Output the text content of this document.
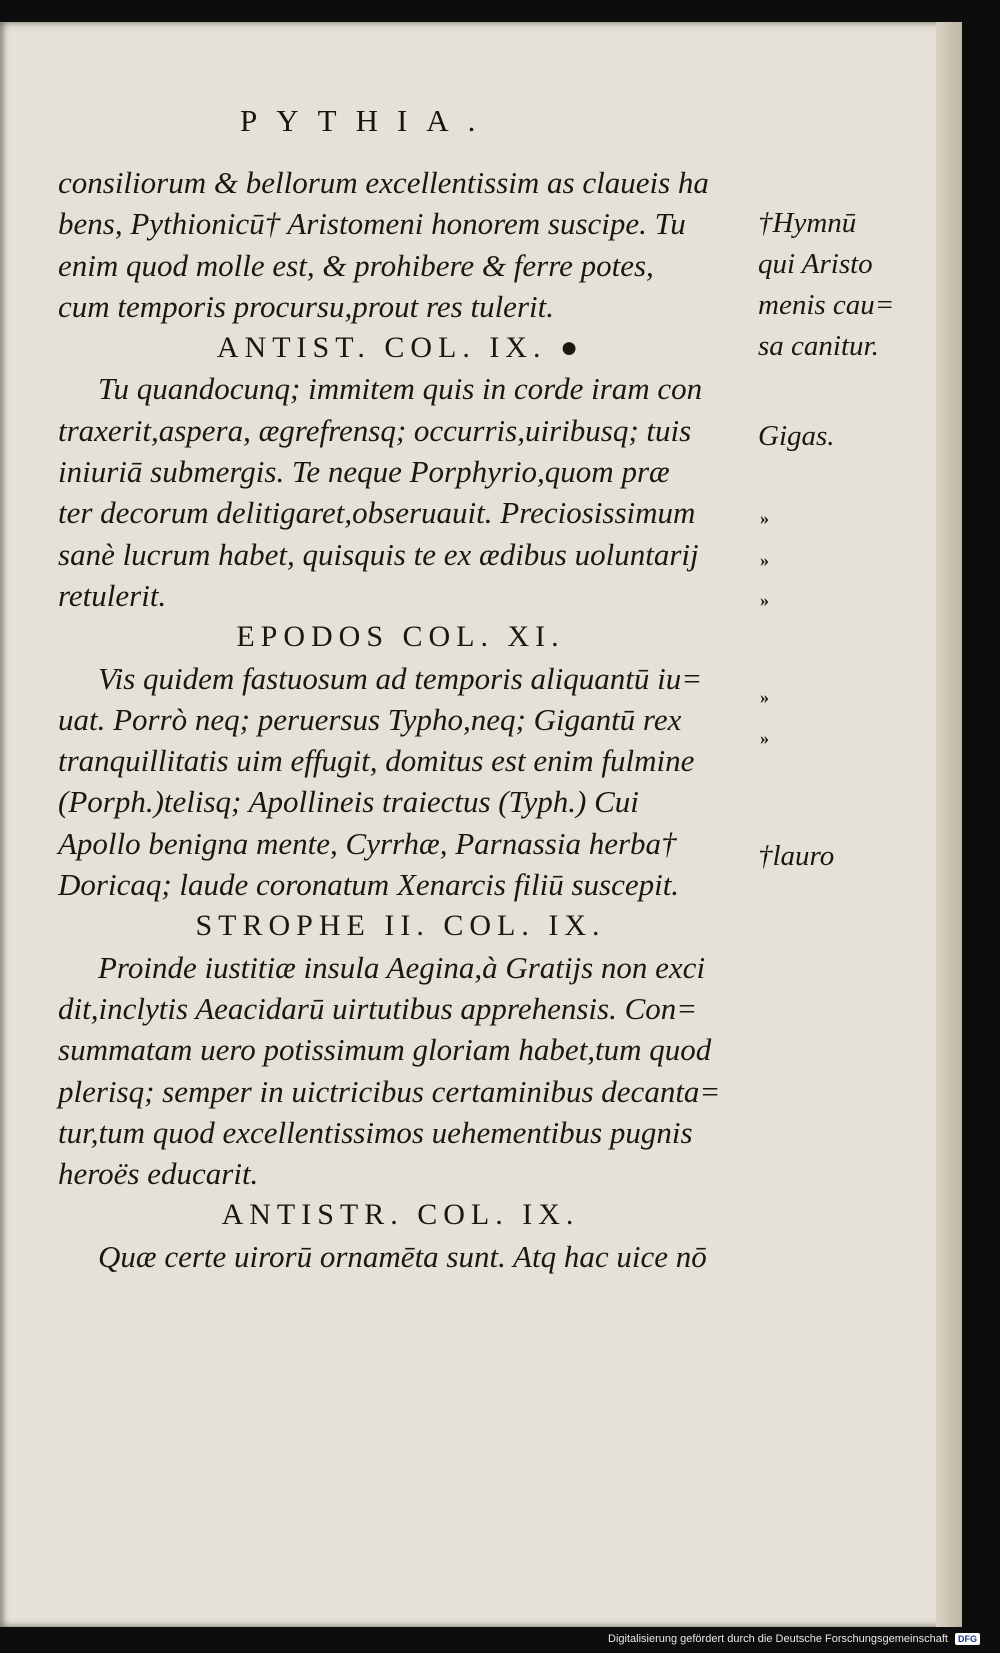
PYTHIA.
consiliorum & bellorum excellentissim as claueis ha
bens, Pythionicū† Aristomeni honorem suscipe. Tu
enim quod molle est, & prohibere & ferre potes,
cum temporis procursu,prout res tulerit.
ANTIST. COL. IX. ●
Tu quandocunq; immitem quis in corde iram con
traxerit,aspera, ægrefrensq; occurris,uiribusq; tuis
iniuriā submergis. Te neque Porphyrio,quom præ
ter decorum delitigaret,obseruauit. Preciosissimum
sanè lucrum habet, quisquis te ex ædibus uoluntarij
retulerit.
EPODOS COL. XI.
Vis quidem fastuosum ad temporis aliquantū iu=
uat. Porrò neq; peruersus Typho,neq; Gigantū rex
tranquillitatis uim effugit, domitus est enim fulmine
(Porph.)telisq; Apollineis traiectus (Typh.) Cui
Apollo benigna mente, Cyrrhæ, Parnassia herba†
Doricaq; laude coronatum Xenarcis filiū suscepit.
STROPHE II. COL. IX.
Proinde iustitiæ insula Aegina,à Gratijs non exci
dit,inclytis Aeacidarū uirtutibus apprehensis. Con=
summatam uero potissimum gloriam habet,tum quod
plerisq; semper in uictricibus certaminibus decanta=
tur,tum quod excellentissimos uehementibus pugnis
heroës educarit.
ANTISTR. COL. IX.
Quæ certe uirorū ornamēta sunt. Atq hac uice nō
†Hymnū
qui Aristo
menis cau=
sa canitur.
Gigas.
†lauro
»
»
»
»
»
Digitalisierung gefördert durch die Deutsche Forschungsgemeinschaft DFG
